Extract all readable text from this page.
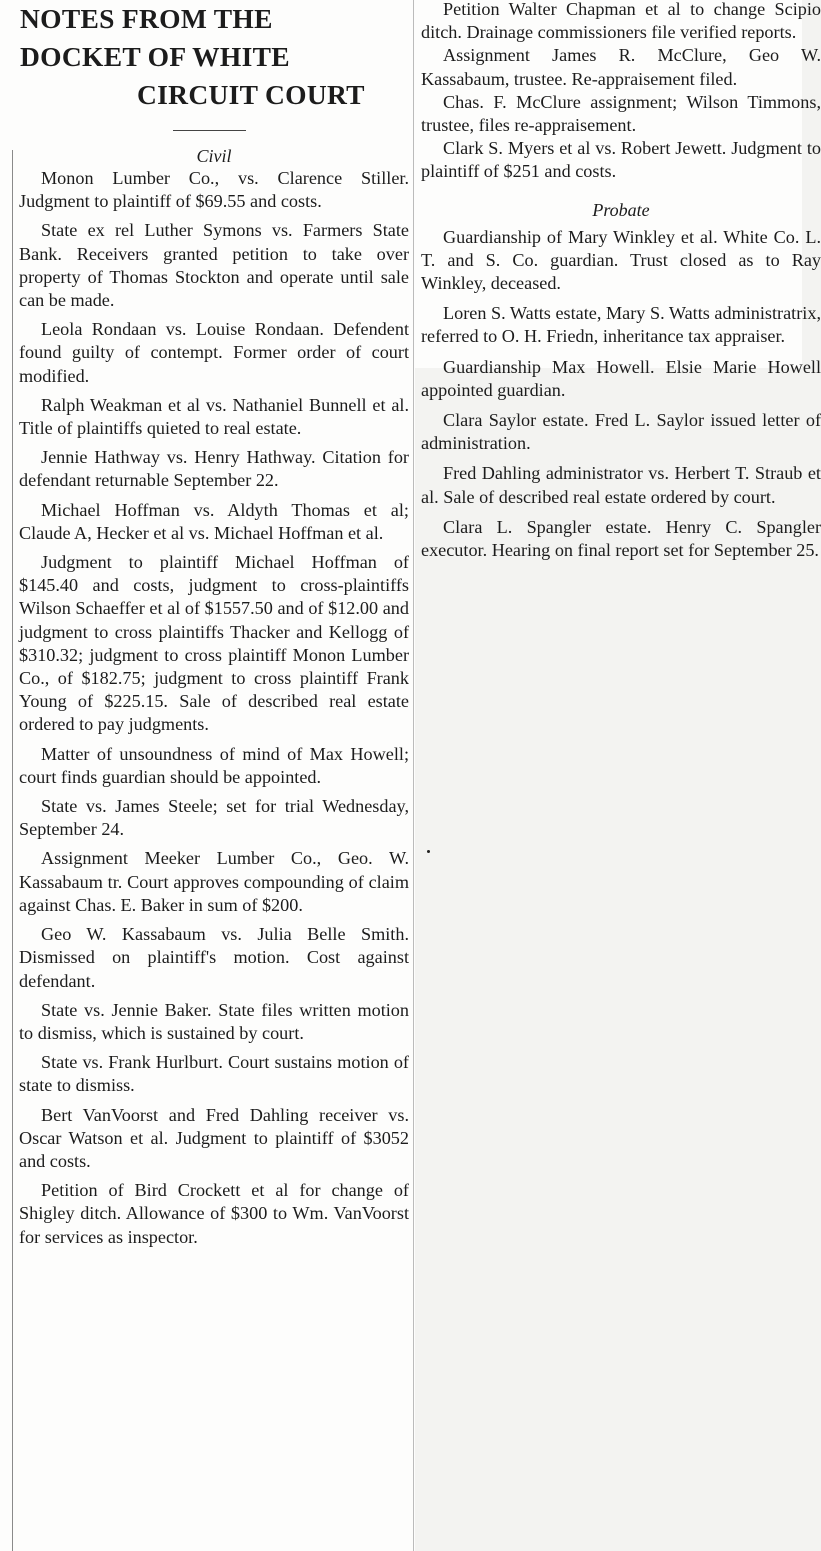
NOTES FROM THE
DOCKET OF WHITE
CIRCUIT COURT
Civil

Monon Lumber Co., vs. Clarence Stiller. Judgment to plaintiff of $69.55 and costs.

State ex rel Luther Symons vs. Farmers State Bank. Receivers granted petition to take over property of Thomas Stockton and operate until sale can be made.

Leola Rondaan vs. Louise Rondaan. Defendent found guilty of contempt. Former order of court modified.

Ralph Weakman et al vs. Nathaniel Bunnell et al. Title of plaintiffs quieted to real estate.

Jennie Hathway vs. Henry Hathway. Citation for defendant returnable September 22.

Michael Hoffman vs. Aldyth Thomas et al; Claude A, Hecker et al vs. Michael Hoffman et al.

Judgment to plaintiff Michael Hoffman of $145.40 and costs, judgment to cross-plaintiffs Wilson Schaeffer et al of $1557.50 and of $12.00 and judgment to cross plaintiffs Thacker and Kellogg of $310.32; judgment to cross plaintiff Monon Lumber Co., of $182.75; judgment to cross plaintiff Frank Young of $225.15. Sale of described real estate ordered to pay judgments.

Matter of unsoundness of mind of Max Howell; court finds guardian should be appointed.

State vs. James Steele; set for trial Wednesday, September 24.

Assignment Meeker Lumber Co., Geo. W. Kassabaum tr. Court approves compounding of claim against Chas. E. Baker in sum of $200.

Geo W. Kassabaum vs. Julia Belle Smith. Dismissed on plaintiff's motion. Cost against defendant.

State vs. Jennie Baker. State files written motion to dismiss, which is sustained by court.

State vs. Frank Hurlburt. Court sustains motion of state to dismiss.

Bert VanVoorst and Fred Dahling receiver vs. Oscar Watson et al. Judgment to plaintiff of $3052 and costs.

Petition of Bird Crockett et al for change of Shigley ditch. Allowance of $300 to Wm. VanVoorst for services as inspector.

Petition Walter Chapman et al to change Scipio ditch. Drainage commissioners file verified reports.

Assignment James R. McClure, Geo W. Kassabaum, trustee. Re-appraisement filed.

Chas. F. McClure assignment; Wilson Timmons, trustee, files re-appraisement.

Clark S. Myers et al vs. Robert Jewett. Judgment to plaintiff of $251 and costs.

Probate

Guardianship of Mary Winkley et al. White Co. L. T. and S. Co. guardian. Trust closed as to Ray Winkley, deceased.

Loren S. Watts estate, Mary S. Watts administratrix, referred to O. H. Friedn, inheritance tax appraiser.

Guardianship Max Howell. Elsie Marie Howell appointed guardian.

Clara Saylor estate. Fred L. Saylor issued letter of administration.

Fred Dahling administrator vs. Herbert T. Straub et al. Sale of described real estate ordered by court.

Clara L. Spangler estate. Henry C. Spangler executor. Hearing on final report set for September 25.
